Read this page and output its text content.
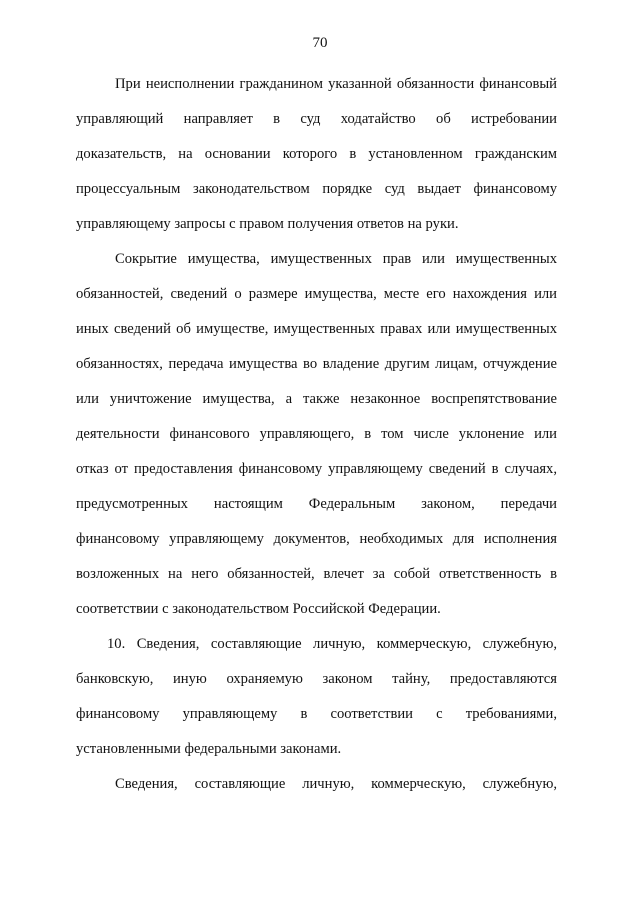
70
При неисполнении гражданином указанной обязанности финансовый
управляющий направляет в суд ходатайство об истребовании
доказательств, на основании которого в установленном гражданским
процессуальным законодательством порядке суд выдает финансовому
управляющему запросы с правом получения ответов на руки.
Сокрытие имущества, имущественных прав или имущественных
обязанностей, сведений о размере имущества, месте его нахождения или
иных сведений об имуществе, имущественных правах или имущественных
обязанностях, передача имущества во владение другим лицам, отчуждение
или уничтожение имущества, а также незаконное воспрепятствование
деятельности финансового управляющего, в том числе уклонение или
отказ от предоставления финансовому управляющему сведений в случаях,
предусмотренных настоящим Федеральным законом, передачи
финансовому управляющему документов, необходимых для исполнения
возложенных на него обязанностей, влечет за собой ответственность в
соответствии с законодательством Российской Федерации.
10. Сведения, составляющие личную, коммерческую, служебную,
банковскую, иную охраняемую законом тайну, предоставляются
финансовому управляющему в соответствии с требованиями,
установленными федеральными законами.
Сведения, составляющие личную, коммерческую, служебную,
